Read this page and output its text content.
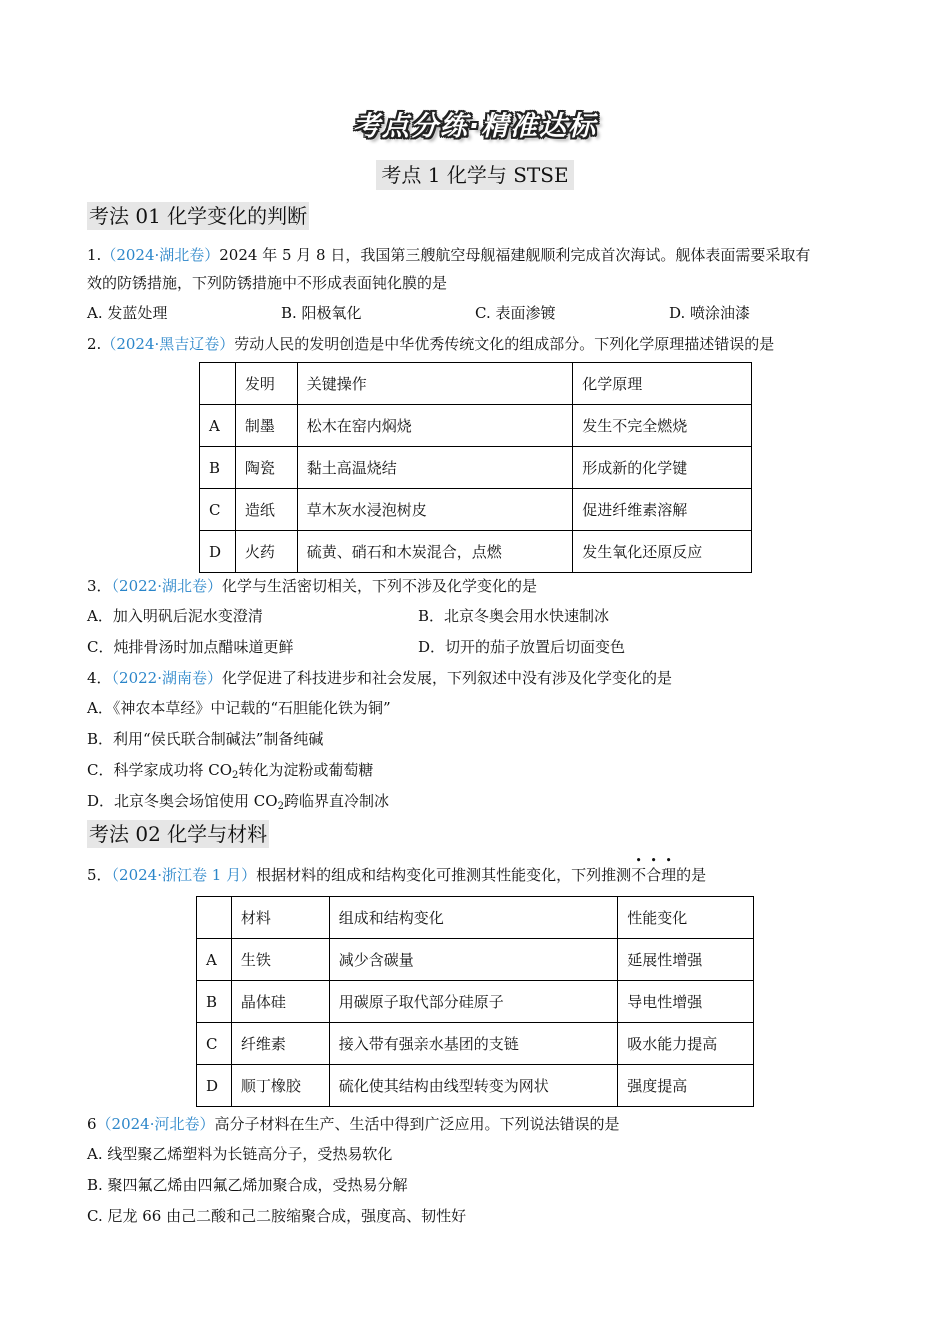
考点分练·精准达标
考点 1 化学与 STSE
考法 01 化学变化的判断
1.（2024·湖北卷）2024 年 5 月 8 日，我国第三艘航空母舰福建舰顺利完成首次海试。舰体表面需要采取有
效的防锈措施，下列防锈措施中不形成表面钝化膜的是
A. 发蓝处理	B. 阳极氧化	C. 表面渗镀	D. 喷涂油漆
2.（2024·黑吉辽卷）劳动人民的发明创造是中华优秀传统文化的组成部分。下列化学原理描述错误的是
	发明	关键操作	化学原理
A	制墨	松木在窑内焖烧	发生不完全燃烧
B	陶瓷	黏土高温烧结	形成新的化学键
C	造纸	草木灰水浸泡树皮	促进纤维素溶解
D	火药	硫黄、硝石和木炭混合，点燃	发生氧化还原反应
3．（2022·湖北卷）化学与生活密切相关，下列不涉及化学变化的是
A．加入明矾后泥水变澄清	B．北京冬奥会用水快速制冰
C．炖排骨汤时加点醋味道更鲜	D．切开的茄子放置后切面变色
4．（2022·湖南卷）化学促进了科技进步和社会发展，下列叙述中没有涉及化学变化的是
A．《神农本草经》中记载的“石胆能化铁为铜”
B．利用“侯氏联合制碱法”制备纯碱
C．科学家成功将 $CO_2$转化为淀粉或葡萄糖
D．北京冬奥会场馆使用 $CO_2$跨临界直冷制冰
考法 02 化学与材料
5．（2024·浙江卷 1 月）根据材料的组成和结构变化可推测其性能变化，下列推测不合理的是
	材料	组成和结构变化	性能变化
A	生铁	减少含碳量	延展性增强
B	晶体硅	用碳原子取代部分硅原子	导电性增强
C	纤维素	接入带有强亲水基团的支链	吸水能力提高
D	顺丁橡胶	硫化使其结构由线型转变为网状	强度提高
6（2024·河北卷）高分子材料在生产、生活中得到广泛应用。下列说法错误的是
A. 线型聚乙烯塑料为长链高分子，受热易软化
B. 聚四氟乙烯由四氟乙烯加聚合成，受热易分解
C. 尼龙 66 由己二酸和己二胺缩聚合成，强度高、韧性好
